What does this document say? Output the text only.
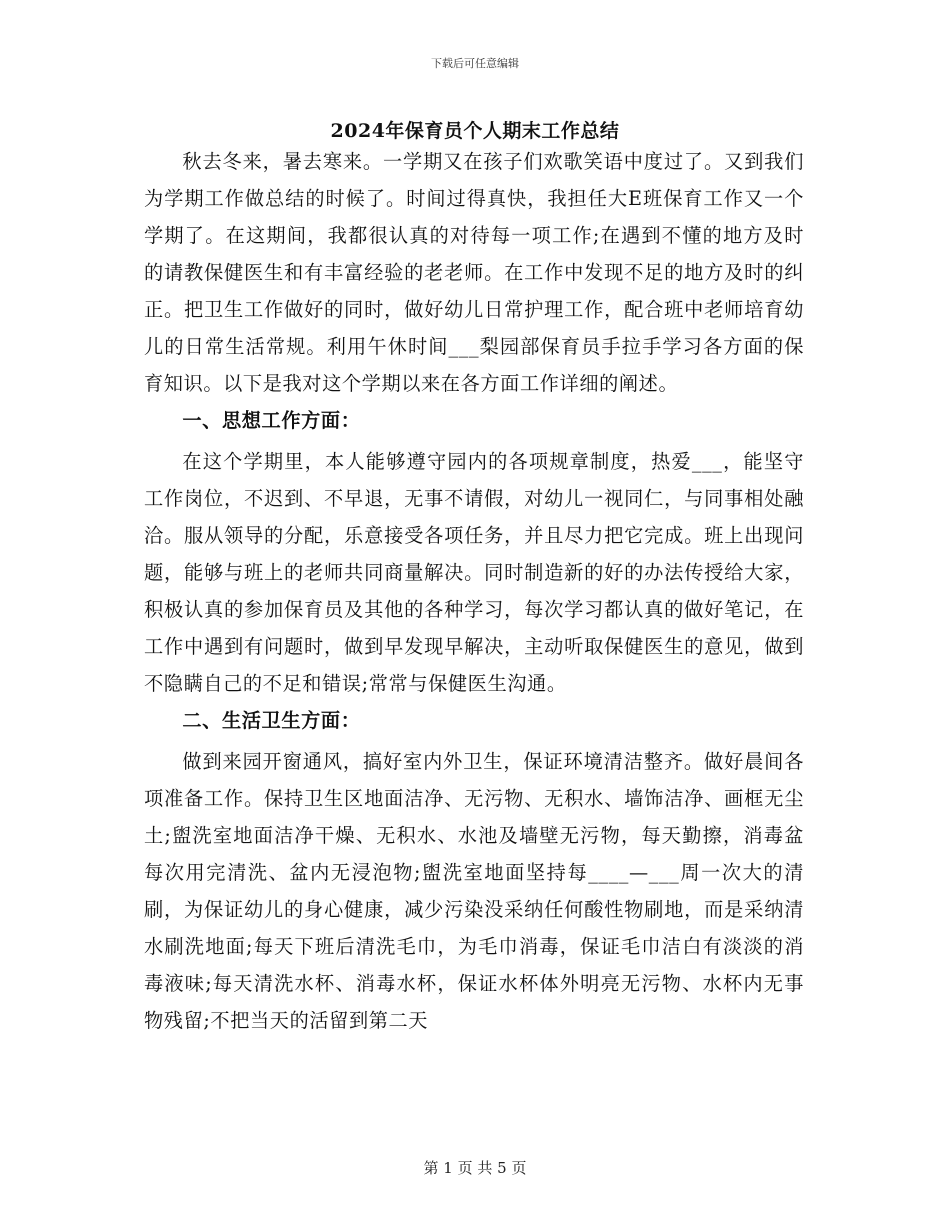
下载后可任意编辑
2024年保育员个人期末工作总结

秋去冬来，暑去寒来。一学期又在孩子们欢歌笑语中度过了。又到我们为学期工作做总结的时候了。时间过得真快，我担任大E班保育工作又一个学期了。在这期间，我都很认真的对待每一项工作;在遇到不懂的地方及时的请教保健医生和有丰富经验的老老师。在工作中发现不足的地方及时的纠正。把卫生工作做好的同时，做好幼儿日常护理工作，配合班中老师培育幼儿的日常生活常规。利用午休时间___梨园部保育员手拉手学习各方面的保育知识。以下是我对这个学期以来在各方面工作详细的阐述。

一、思想工作方面：

在这个学期里，本人能够遵守园内的各项规章制度，热爱___，能坚守工作岗位，不迟到、不早退，无事不请假，对幼儿一视同仁，与同事相处融洽。服从领导的分配，乐意接受各项任务，并且尽力把它完成。班上出现问题，能够与班上的老师共同商量解决。同时制造新的好的办法传授给大家，积极认真的参加保育员及其他的各种学习，每次学习都认真的做好笔记，在工作中遇到有问题时，做到早发现早解决，主动听取保健医生的意见，做到不隐瞒自己的不足和错误;常常与保健医生沟通。

二、生活卫生方面：

做到来园开窗通风，搞好室内外卫生，保证环境清洁整齐。做好晨间各项准备工作。保持卫生区地面洁净、无污物、无积水、墙饰洁净、画框无尘土;盥洗室地面洁净干燥、无积水、水池及墙壁无污物，每天勤擦，消毒盆每次用完清洗、盆内无浸泡物;盥洗室地面坚持每____—___周一次大的清刷，为保证幼儿的身心健康，减少污染没采纳任何酸性物刷地，而是采纳清水刷洗地面;每天下班后清洗毛巾，为毛巾消毒，保证毛巾洁白有淡淡的消毒液味;每天清洗水杯、消毒水杯，保证水杯体外明亮无污物、水杯内无事物残留;不把当天的活留到第二天

第 1 页 共 5 页
